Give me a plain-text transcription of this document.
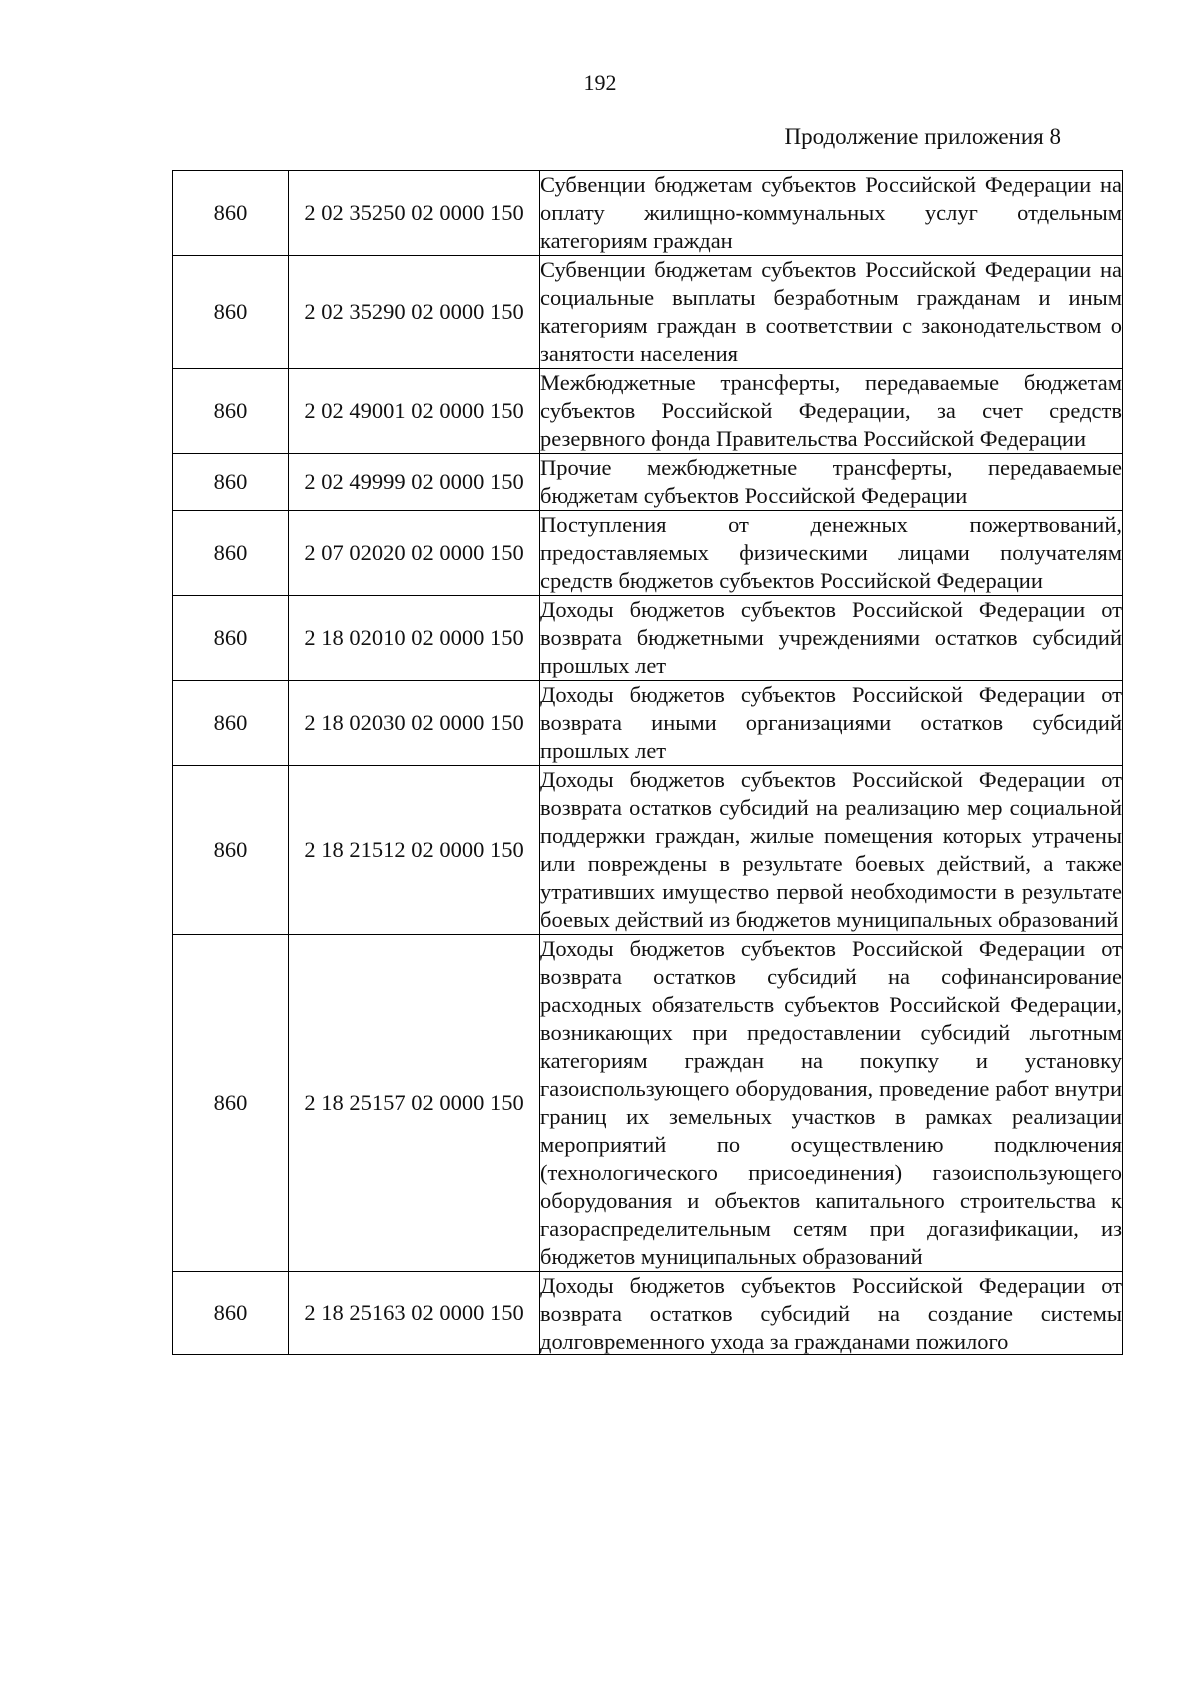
192
Продолжение приложения 8
860	2 02 35250 02 0000 150	Субвенции бюджетам субъектов Российской Федерации на оплату жилищно-коммунальных услуг отдельным категориям граждан

860	2 02 35290 02 0000 150	Субвенции бюджетам субъектов Российской Федерации на социальные выплаты безработным гражданам и иным категориям граждан в соответствии с законодательством о занятости населения

860	2 02 49001 02 0000 150	Межбюджетные трансферты, передаваемые бюджетам субъектов Российской Федерации, за счет средств резервного фонда Правительства Российской Федерации

860	2 02 49999 02 0000 150	Прочие межбюджетные трансферты, передаваемые бюджетам субъектов Российской Федерации

860	2 07 02020 02 0000 150	Поступления от денежных пожертвований, предоставляемых физическими лицами получателям средств бюджетов субъектов Российской Федерации

860	2 18 02010 02 0000 150	Доходы бюджетов субъектов Российской Федерации от возврата бюджетными учреждениями остатков субсидий прошлых лет

860	2 18 02030 02 0000 150	Доходы бюджетов субъектов Российской Федерации от возврата иными организациями остатков субсидий прошлых лет

860	2 18 21512 02 0000 150	Доходы бюджетов субъектов Российской Федерации от возврата остатков субсидий на реализацию мер социальной поддержки граждан, жилые помещения которых утрачены или повреждены в результате боевых действий, а также утративших имущество первой необходимости в результате боевых действий из бюджетов муниципальных образований

860	2 18 25157 02 0000 150	Доходы бюджетов субъектов Российской Федерации от возврата остатков субсидий на софинансирование расходных обязательств субъектов Российской Федерации, возникающих при предоставлении субсидий льготным категориям граждан на покупку и установку газоиспользующего оборудования, проведение работ внутри границ их земельных участков в рамках реализации мероприятий по осуществлению подключения (технологического присоединения) газоиспользующего оборудования и объектов капитального строительства к газораспределительным сетям при догазификации, из бюджетов муниципальных образований

860	2 18 25163 02 0000 150	Доходы бюджетов субъектов Российской Федерации от возврата остатков субсидий на создание системы долговременного ухода за гражданами пожилого
